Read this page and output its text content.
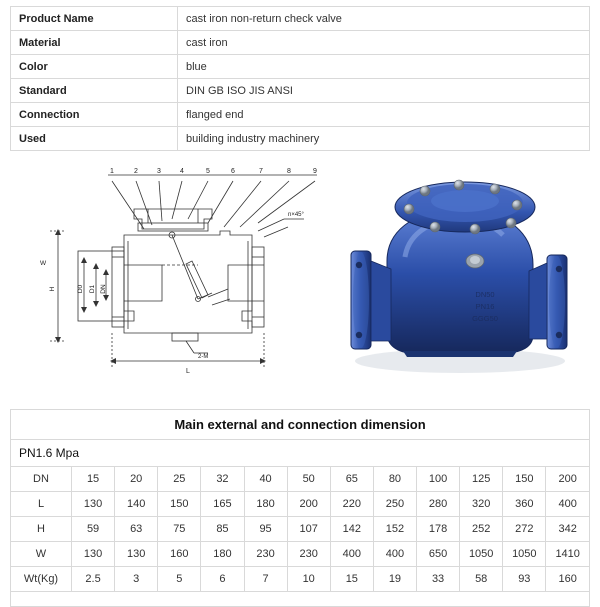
Product Name	cast iron non-return check valve
Material	cast iron
Color	blue
Standard	DIN GB ISO JIS ANSI
Connection	flanged end
Used	building industry machinery
1	2	3	4	5	6	7	8	9
L
n×45°
2-M
D0 D1 DN
H
W
DN50
PN16
GGG50
Main external and connection dimension
PN1.6 Mpa
DN	15	20	25	32	40	50	65	80	100	125	150	200
L	130	140	150	165	180	200	220	250	280	320	360	400
H	59	63	75	85	95	107	142	152	178	252	272	342
W	130	130	160	180	230	230	400	400	650	1050	1050	1410
Wt(Kg)	2.5	3	5	6	7	10	15	19	33	58	93	160
